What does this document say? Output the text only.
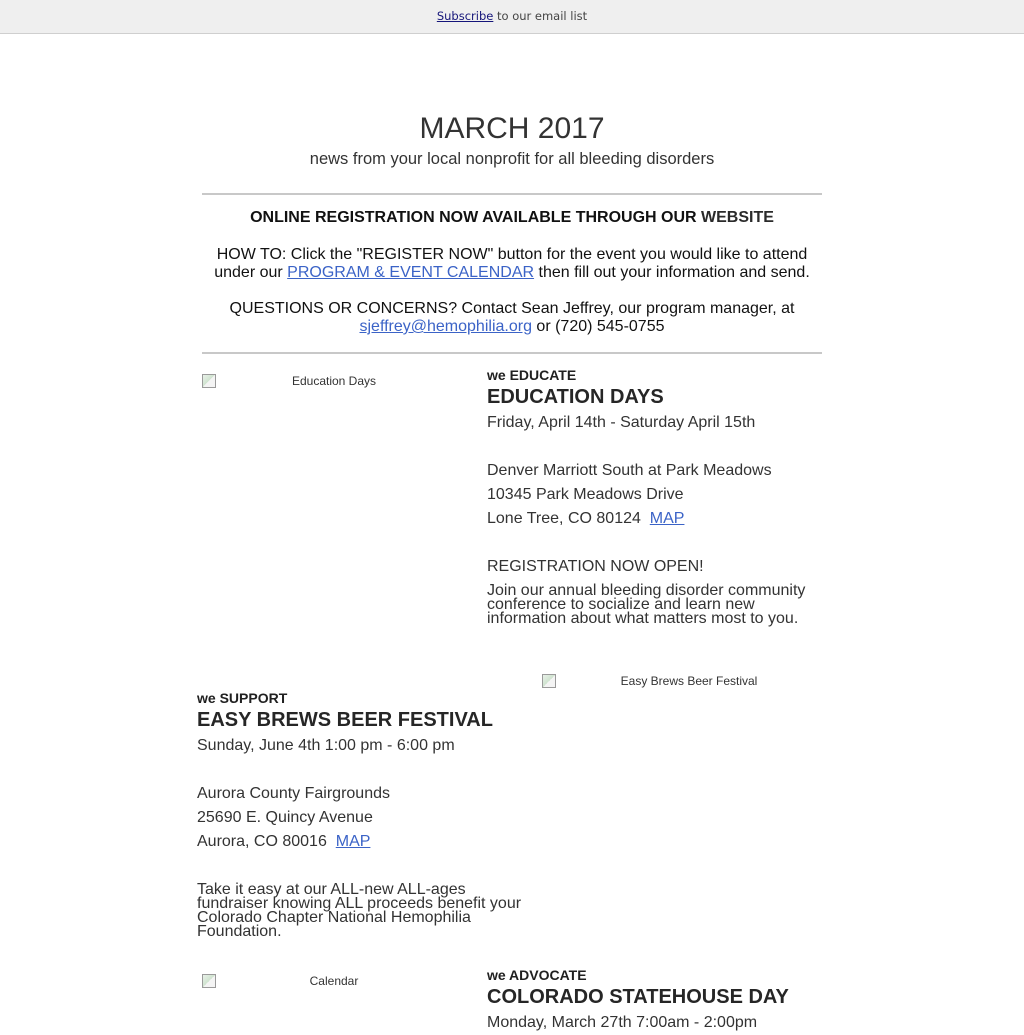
Subscribe to our email list
MARCH 2017
news from your local nonprofit for all bleeding disorders
ONLINE REGISTRATION NOW AVAILABLE THROUGH OUR WEBSITE
HOW TO: Click the "REGISTER NOW" button for the event you would like to attend
under our PROGRAM & EVENT CALENDAR then fill out your information and send.
QUESTIONS OR CONCERNS? Contact Sean Jeffrey, our program manager, at
sjeffrey@hemophilia.org or (720) 545-0755
Education Days	we EDUCATE
EDUCATION DAYS
Friday, April 14th - Saturday April 15th
Denver Marriott South at Park Meadows
10345 Park Meadows Drive
Lone Tree, CO 80124 MAP
REGISTRATION NOW OPEN!
Join our annual bleeding disorder community
conference to socialize and learn new
information about what matters most to you.
we SUPPORT
EASY BREWS BEER FESTIVAL
Sunday, June 4th 1:00 pm - 6:00 pm
Aurora County Fairgrounds
25690 E. Quincy Avenue
Aurora, CO 80016 MAP
Take it easy at our ALL-new ALL-ages
fundraiser knowing ALL proceeds benefit your
Colorado Chapter National Hemophilia
Foundation.
Easy Brews Beer Festival
Calendar	we ADVOCATE
COLORADO STATEHOUSE DAY
Monday, March 27th 7:00am - 2:00pm
